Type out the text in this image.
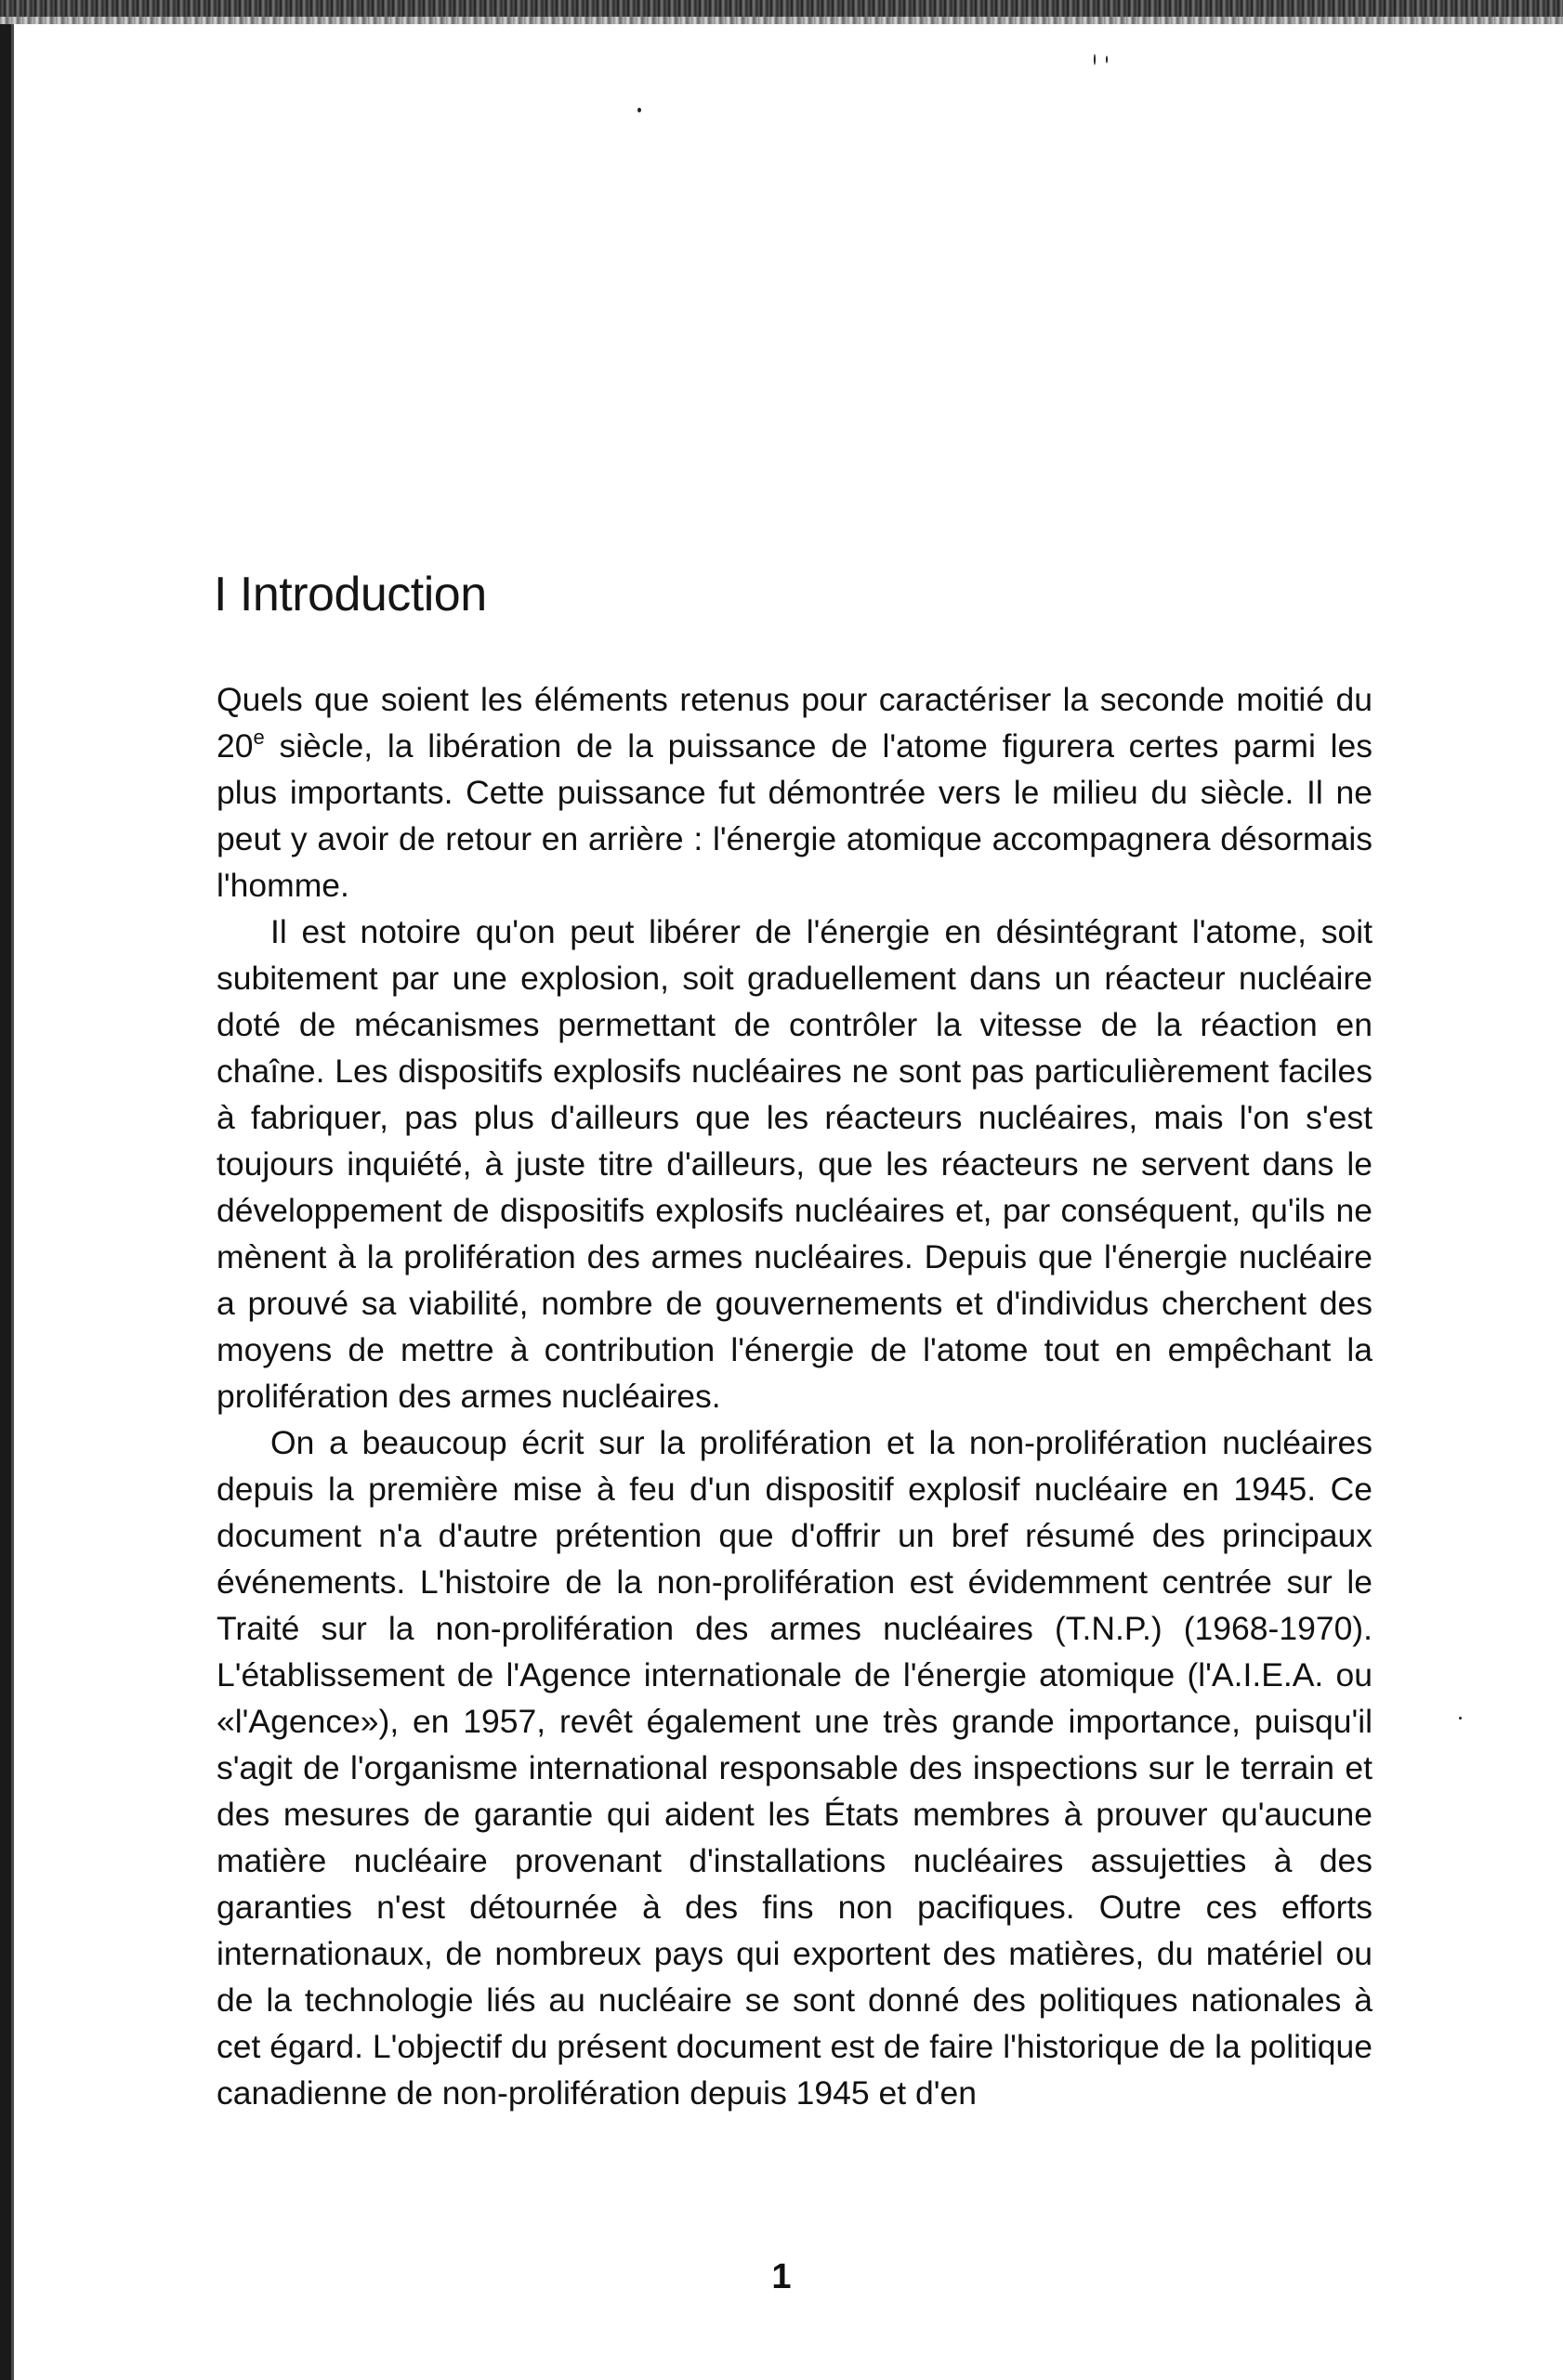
I Introduction

Quels que soient les éléments retenus pour caractériser la seconde moitié du 20e siècle, la libération de la puissance de l'atome figurera certes parmi les plus importants. Cette puissance fut démontrée vers le milieu du siècle. Il ne peut y avoir de retour en arrière : l'énergie atomique accompagnera désormais l'homme.

Il est notoire qu'on peut libérer de l'énergie en désintégrant l'atome, soit subitement par une explosion, soit graduellement dans un réacteur nucléaire doté de mécanismes permettant de contrôler la vitesse de la réaction en chaîne. Les dispositifs explosifs nucléaires ne sont pas particulièrement faciles à fabriquer, pas plus d'ailleurs que les réacteurs nucléaires, mais l'on s'est toujours inquiété, à juste titre d'ailleurs, que les réacteurs ne servent dans le développement de dispositifs explosifs nucléaires et, par conséquent, qu'ils ne mènent à la prolifération des armes nucléaires. Depuis que l'énergie nucléaire a prouvé sa viabilité, nombre de gouvernements et d'individus cherchent des moyens de mettre à contribution l'énergie de l'atome tout en empêchant la prolifération des armes nucléaires.

On a beaucoup écrit sur la prolifération et la non-prolifération nucléaires depuis la première mise à feu d'un dispositif explosif nucléaire en 1945. Ce document n'a d'autre prétention que d'offrir un bref résumé des principaux événements. L'histoire de la non-prolifération est évidemment centrée sur le Traité sur la non-prolifération des armes nucléaires (T.N.P.) (1968-1970). L'établissement de l'Agence internationale de l'énergie atomique (l'A.I.E.A. ou «l'Agence»), en 1957, revêt également une très grande importance, puisqu'il s'agit de l'organisme international responsable des inspections sur le terrain et des mesures de garantie qui aident les États membres à prouver qu'aucune matière nucléaire provenant d'installations nucléaires assujetties à des garanties n'est détournée à des fins non pacifiques. Outre ces efforts internationaux, de nombreux pays qui exportent des matières, du matériel ou de la technologie liés au nucléaire se sont donné des politiques nationales à cet égard. L'objectif du présent document est de faire l'historique de la politique canadienne de non-prolifération depuis 1945 et d'en

1
